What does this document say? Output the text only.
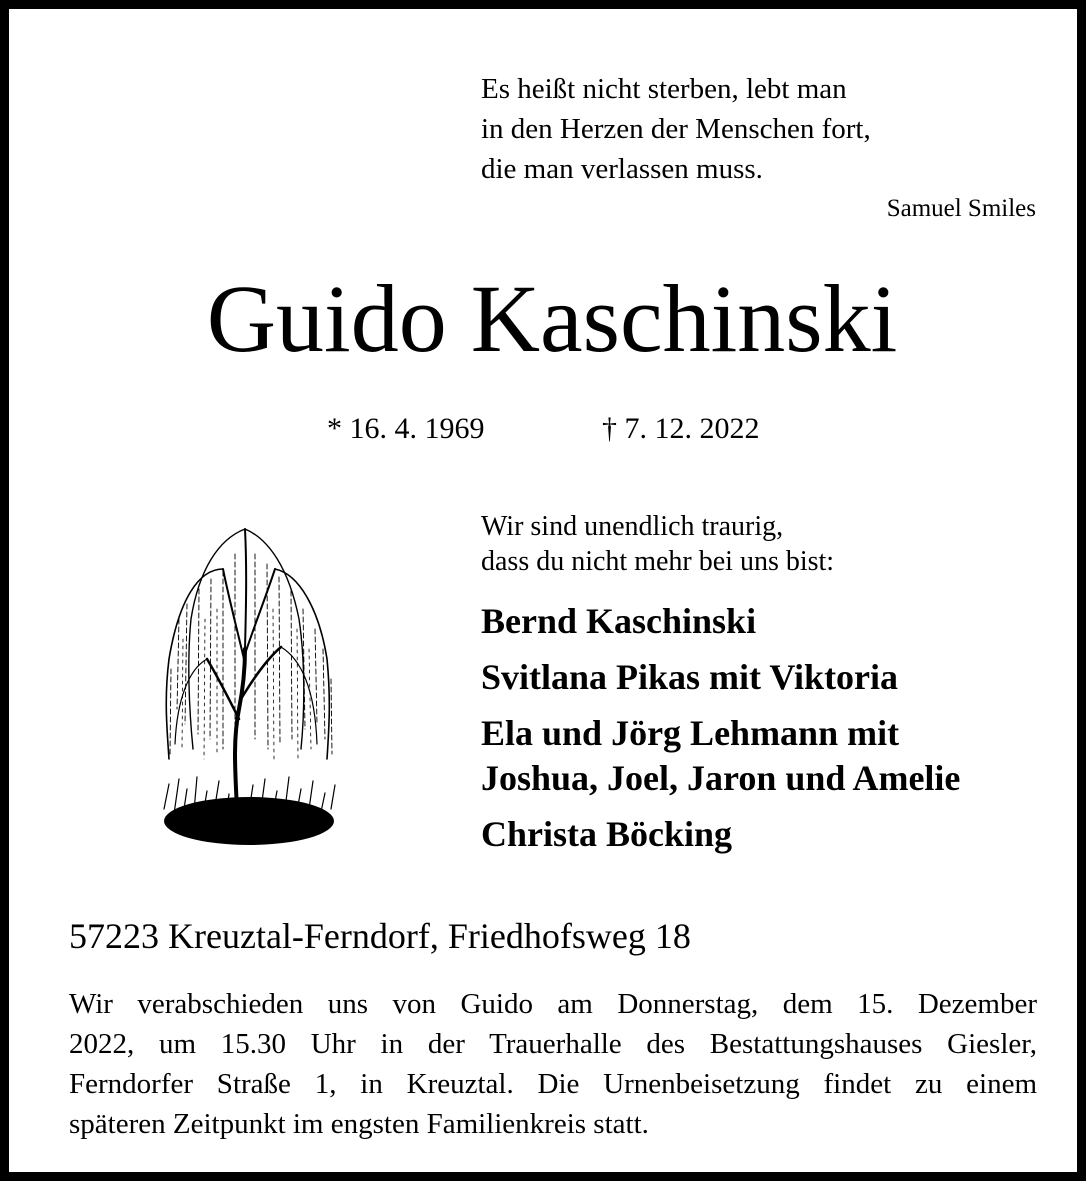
Es heißt nicht sterben, lebt man
in den Herzen der Menschen fort,
die man verlassen muss.
Samuel Smiles
Guido Kaschinski
* 16. 4. 1969	† 7. 12. 2022
Wir sind unendlich traurig,
dass du nicht mehr bei uns bist:
Bernd Kaschinski
Svitlana Pikas mit Viktoria
Ela und Jörg Lehmann mit
Joshua, Joel, Jaron und Amelie
Christa Böcking
57223 Kreuztal-Ferndorf, Friedhofsweg 18
Wir verabschieden uns von Guido am Donnerstag, dem 15. Dezember
2022, um 15.30 Uhr in der Trauerhalle des Bestattungshauses Giesler,
Ferndorfer Straße 1, in Kreuztal. Die Urnenbeisetzung findet zu einem
späteren Zeitpunkt im engsten Familienkreis statt.
